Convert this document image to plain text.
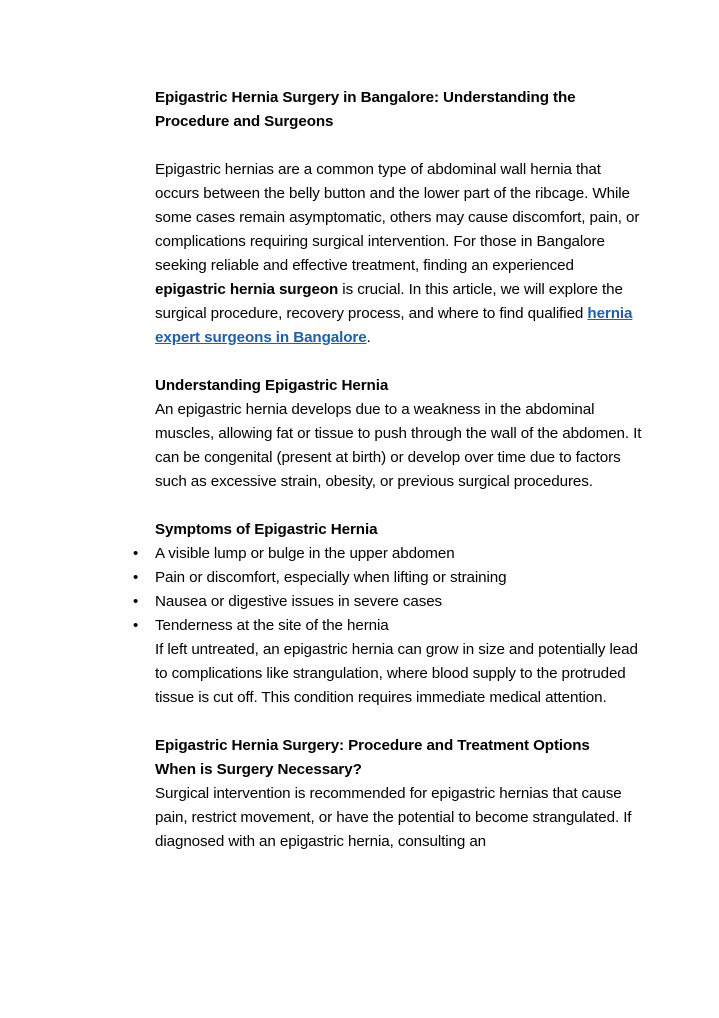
Epigastric Hernia Surgery in Bangalore: Understanding the Procedure and Surgeons

Epigastric hernias are a common type of abdominal wall hernia that occurs between the belly button and the lower part of the ribcage. While some cases remain asymptomatic, others may cause discomfort, pain, or complications requiring surgical intervention. For those in Bangalore seeking reliable and effective treatment, finding an experienced epigastric hernia surgeon is crucial. In this article, we will explore the surgical procedure, recovery process, and where to find qualified hernia expert surgeons in Bangalore.

Understanding Epigastric Hernia

An epigastric hernia develops due to a weakness in the abdominal muscles, allowing fat or tissue to push through the wall of the abdomen. It can be congenital (present at birth) or develop over time due to factors such as excessive strain, obesity, or previous surgical procedures.

Symptoms of Epigastric Hernia

• A visible lump or bulge in the upper abdomen
• Pain or discomfort, especially when lifting or straining
• Nausea or digestive issues in severe cases
• Tenderness at the site of the hernia

If left untreated, an epigastric hernia can grow in size and potentially lead to complications like strangulation, where blood supply to the protruded tissue is cut off. This condition requires immediate medical attention.

Epigastric Hernia Surgery: Procedure and Treatment Options

When is Surgery Necessary?

Surgical intervention is recommended for epigastric hernias that cause pain, restrict movement, or have the potential to become strangulated. If diagnosed with an epigastric hernia, consulting an
